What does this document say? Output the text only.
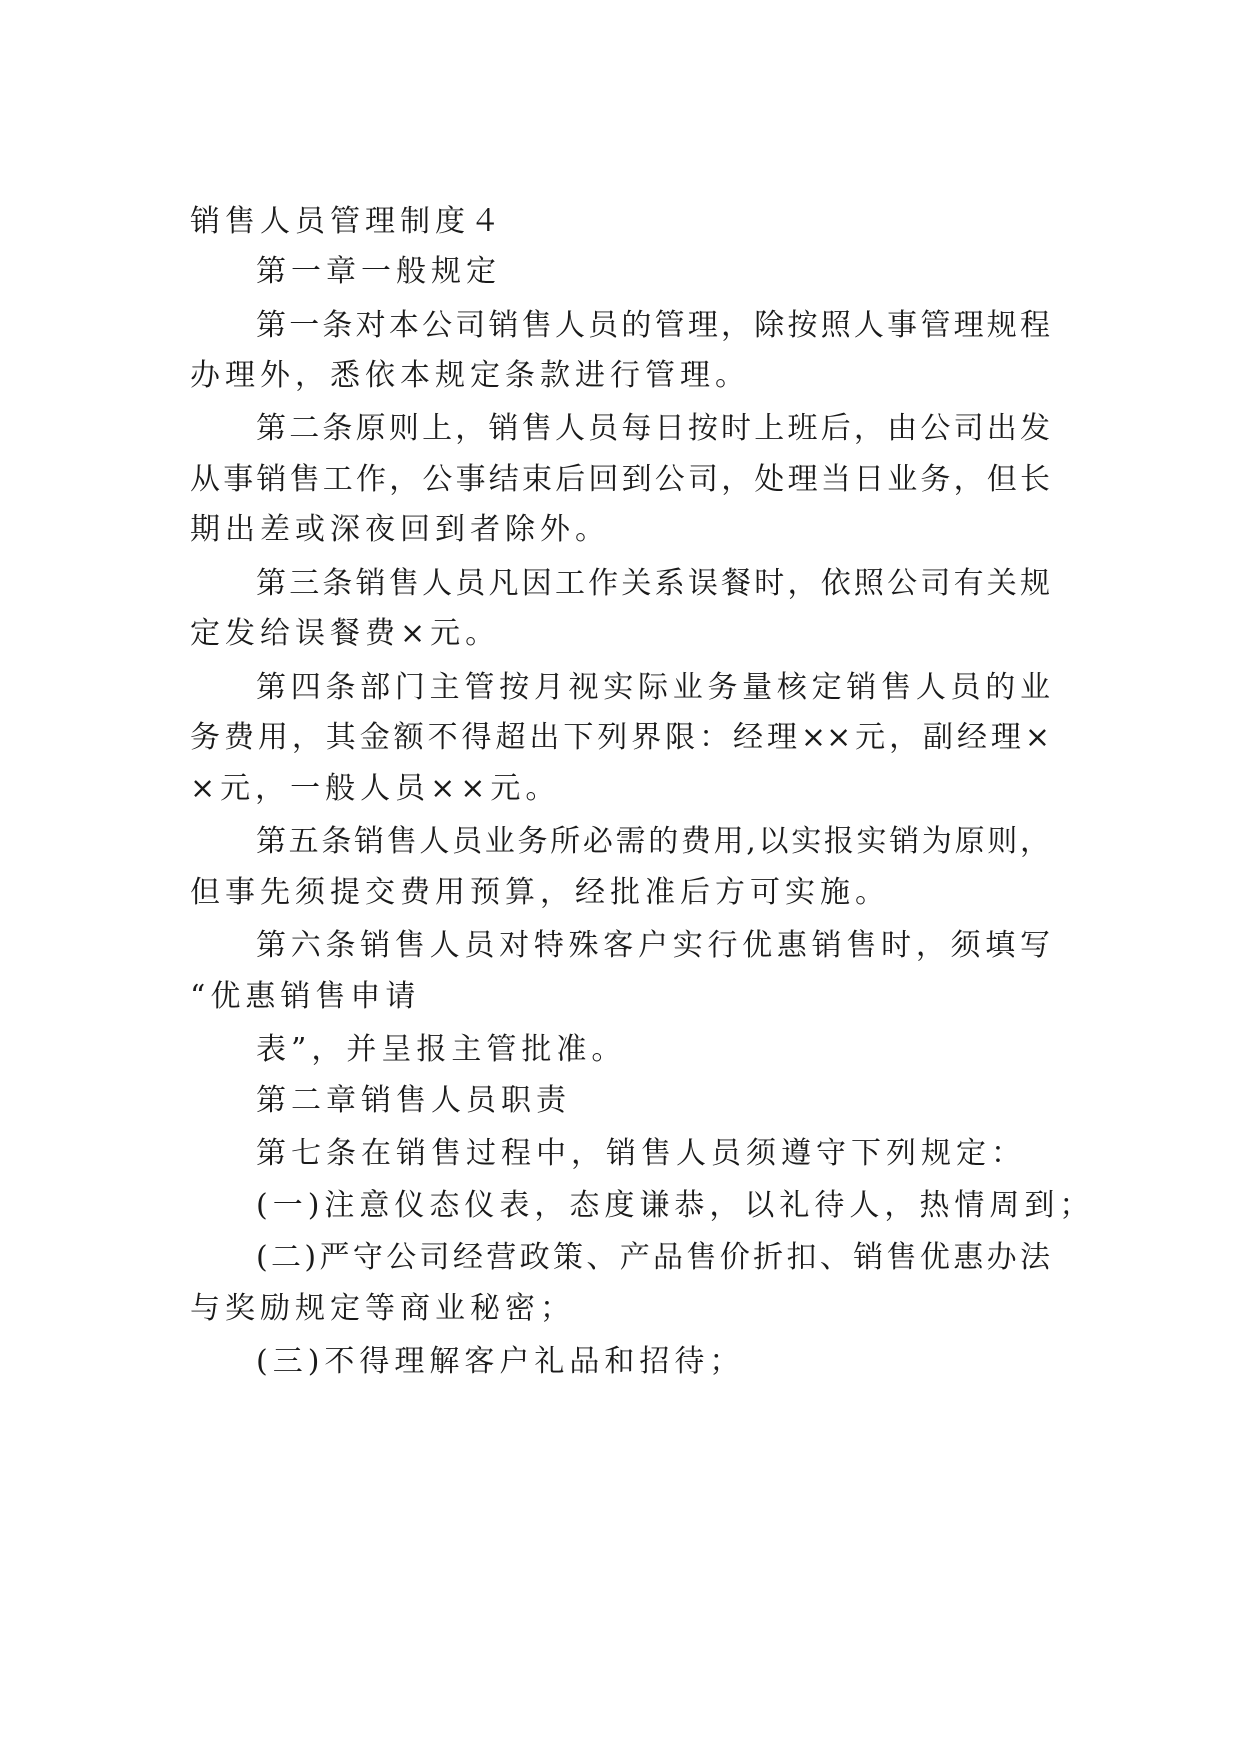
销售人员管理制度４
第一章一般规定
第一条对本公司销售人员的管理，除按照人事管理规程
办理外，悉依本规定条款进行管理。
第二条原则上，销售人员每日按时上班后，由公司出发
从事销售工作，公事结束后回到公司，处理当日业务，但长
期出差或深夜回到者除外。
第三条销售人员凡因工作关系误餐时，依照公司有关规
定发给误餐费×元。
第四条部门主管按月视实际业务量核定销售人员的业
务费用，其金额不得超出下列界限：经理××元，副经理×
×元，一般人员××元。
第五条销售人员业务所必需的费用,以实报实销为原则，
但事先须提交费用预算，经批准后方可实施。
第六条销售人员对特殊客户实行优惠销售时，须填写
“优惠销售申请
表”，并呈报主管批准。
第二章销售人员职责
第七条在销售过程中，销售人员须遵守下列规定：
(一)注意仪态仪表，态度谦恭，以礼待人，热情周到；
(二)严守公司经营政策、产品售价折扣、销售优惠办法
与奖励规定等商业秘密；
(三)不得理解客户礼品和招待；
